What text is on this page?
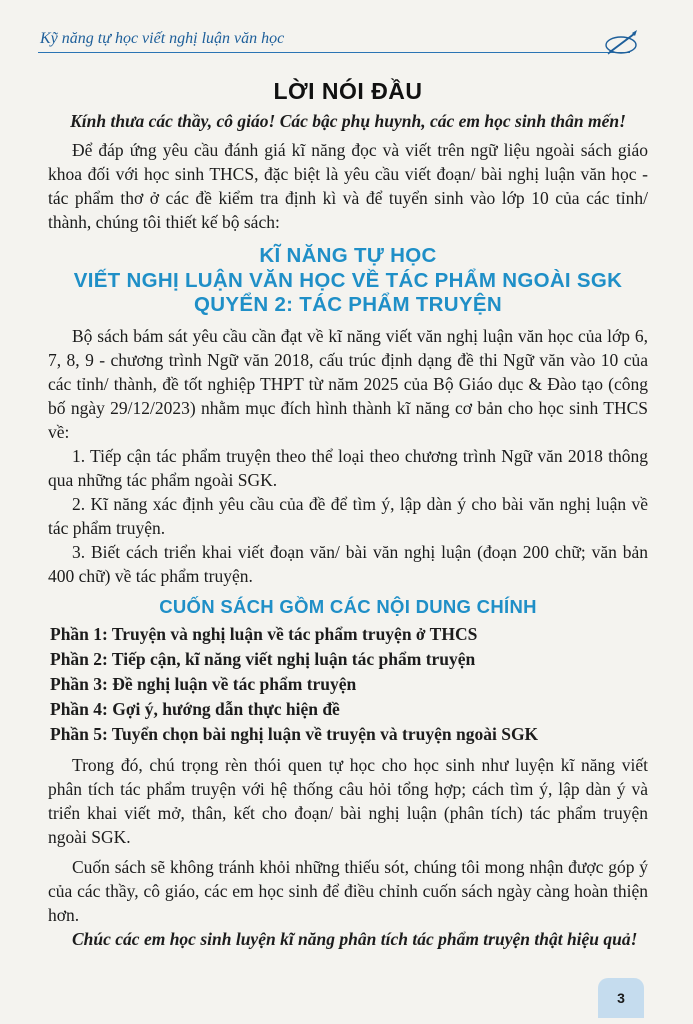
Kỹ năng tự học viết nghị luận văn học
LỜI NÓI ĐẦU
Kính thưa các thầy, cô giáo! Các bậc phụ huynh, các em học sinh thân mến!

Để đáp ứng yêu cầu đánh giá kĩ năng đọc và viết trên ngữ liệu ngoài sách giáo khoa đối với học sinh THCS, đặc biệt là yêu cầu viết đoạn/ bài nghị luận văn học - tác phẩm thơ ở các đề kiểm tra định kì và để tuyển sinh vào lớp 10 của các tỉnh/ thành, chúng tôi thiết kế bộ sách:

KĨ NĂNG TỰ HỌC
VIẾT NGHỊ LUẬN VĂN HỌC VỀ TÁC PHẨM NGOÀI SGK
QUYỂN 2: TÁC PHẨM TRUYỆN

Bộ sách bám sát yêu cầu cần đạt về kĩ năng viết văn nghị luận văn học của lớp 6, 7, 8, 9 - chương trình Ngữ văn 2018, cấu trúc định dạng đề thi Ngữ văn vào 10 của các tỉnh/ thành, đề tốt nghiệp THPT từ năm 2025 của Bộ Giáo dục & Đào tạo (công bố ngày 29/12/2023) nhằm mục đích hình thành kĩ năng cơ bản cho học sinh THCS về:

1. Tiếp cận tác phẩm truyện theo thể loại theo chương trình Ngữ văn 2018 thông qua những tác phẩm ngoài SGK.

2. Kĩ năng xác định yêu cầu của đề để tìm ý, lập dàn ý cho bài văn nghị luận về tác phẩm truyện.

3. Biết cách triển khai viết đoạn văn/ bài văn nghị luận (đoạn 200 chữ; văn bản 400 chữ) về tác phẩm truyện.

CUỐN SÁCH GỒM CÁC NỘI DUNG CHÍNH
Phần 1: Truyện và nghị luận về tác phẩm truyện ở THCS
Phần 2: Tiếp cận, kĩ năng viết nghị luận tác phẩm truyện
Phần 3: Đề nghị luận về tác phẩm truyện
Phần 4: Gợi ý, hướng dẫn thực hiện đề
Phần 5: Tuyển chọn bài nghị luận về truyện và truyện ngoài SGK

Trong đó, chú trọng rèn thói quen tự học cho học sinh như luyện kĩ năng viết phân tích tác phẩm truyện với hệ thống câu hỏi tổng hợp; cách tìm ý, lập dàn ý và triển khai viết mở, thân, kết cho đoạn/ bài nghị luận (phân tích) tác phẩm truyện ngoài SGK.

Cuốn sách sẽ không tránh khỏi những thiếu sót, chúng tôi mong nhận được góp ý của các thầy, cô giáo, các em học sinh để điều chỉnh cuốn sách ngày càng hoàn thiện hơn.

Chúc các em học sinh luyện kĩ năng phân tích tác phẩm truyện thật hiệu quả!

3
